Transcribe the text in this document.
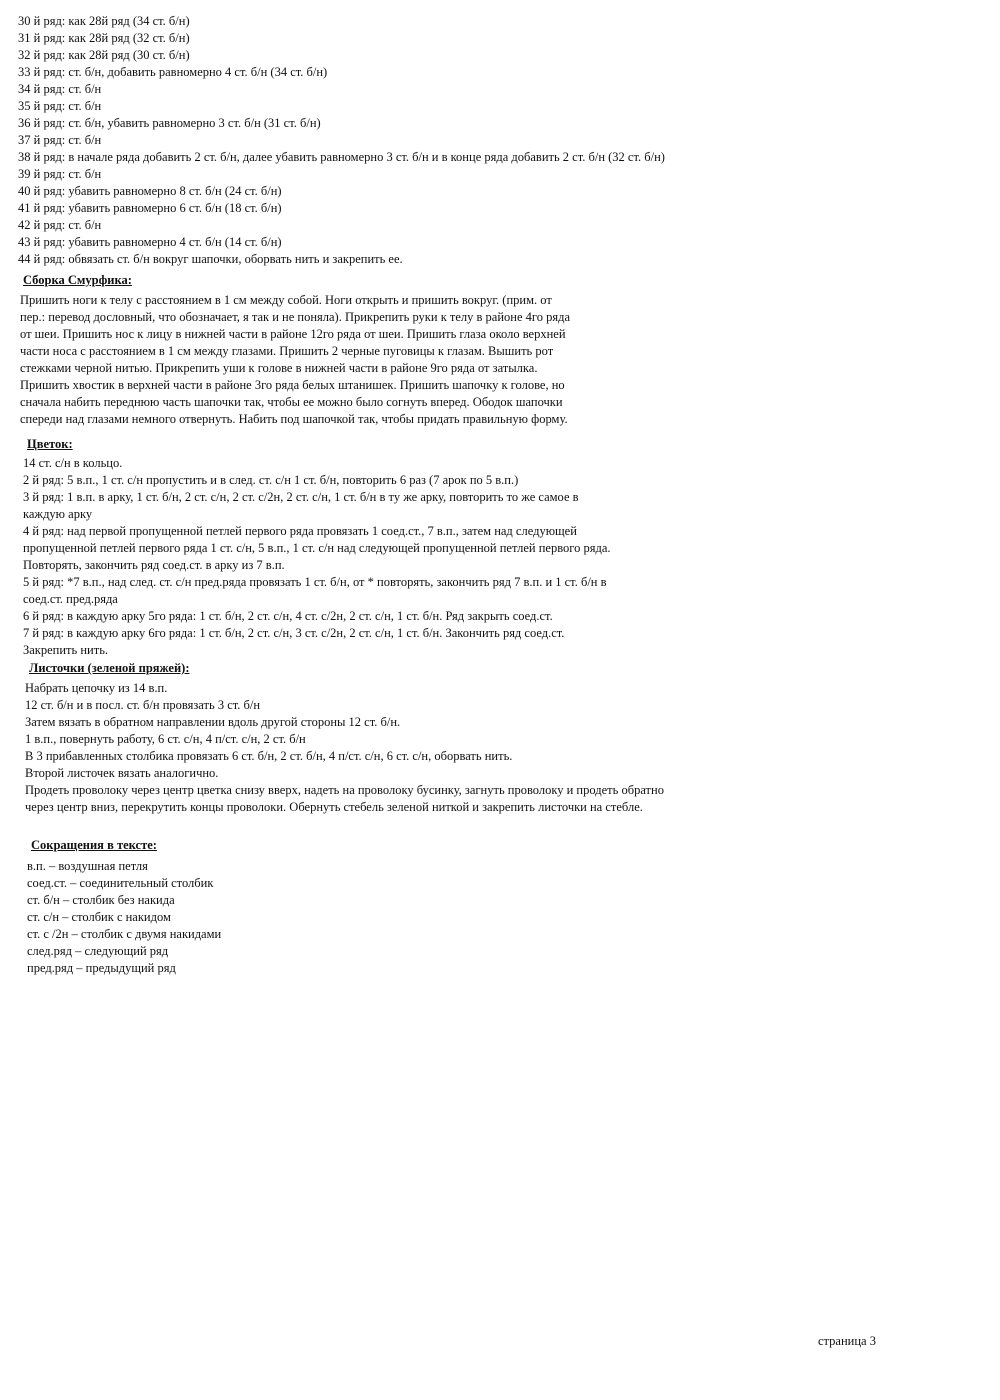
30 й ряд: как 28й ряд (34 ст. б/н)
31 й ряд: как 28й ряд (32 ст. б/н)
32 й ряд: как 28й ряд (30 ст. б/н)
33 й ряд: ст. б/н, добавить равномерно 4 ст. б/н (34 ст. б/н)
34 й ряд: ст. б/н
35 й ряд: ст. б/н
36 й ряд: ст. б/н, убавить равномерно 3 ст. б/н (31 ст. б/н)
37 й ряд: ст. б/н
38 й ряд: в начале ряда добавить 2 ст. б/н, далее убавить равномерно 3 ст. б/н и в конце ряда добавить 2 ст. б/н (32 ст. б/н)
39 й ряд: ст. б/н
40 й ряд: убавить равномерно 8 ст. б/н (24 ст. б/н)
41 й ряд: убавить равномерно 6 ст. б/н (18 ст. б/н)
42 й ряд: ст. б/н
43 й ряд: убавить равномерно 4 ст. б/н (14 ст. б/н)
44 й ряд: обвязать ст. б/н вокруг шапочки, оборвать нить и закрепить ее.
Сборка Смурфика:
Пришить ноги к телу с расстоянием в 1 см между собой. Ноги открыть и пришить вокруг. (прим. от
пер.: перевод дословный, что обозначает, я так и не поняла). Прикрепить руки к телу в районе 4го ряда
от шеи. Пришить нос к лицу в нижней части в районе 12го ряда от шеи. Пришить глаза около верхней
части носа с расстоянием в 1 см между глазами. Пришить 2 черные пуговицы к глазам. Вышить рот
стежками черной нитью. Прикрепить уши к голове в нижней части в районе 9го ряда от затылка.
Пришить хвостик в верхней части в районе 3го ряда белых штанишек. Пришить шапочку к голове, но
сначала набить переднюю часть шапочки так, чтобы ее можно было согнуть вперед. Ободок шапочки
спереди над глазами немного отвернуть. Набить под шапочкой так, чтобы придать правильную форму.
Цветок:
14 ст. с/н в кольцо.
2 й ряд: 5 в.п., 1 ст. с/н пропустить и в след. ст. с/н 1 ст. б/н, повторить 6 раз (7 арок по 5 в.п.)
3 й ряд: 1 в.п. в арку, 1 ст. б/н, 2 ст. с/н, 2 ст. с/2н, 2 ст. с/н, 1 ст. б/н в ту же арку, повторить то же самое в
каждую арку
4 й ряд: над первой пропущенной петлей первого ряда провязать 1 соед.ст., 7 в.п., затем над следующей
пропущенной петлей первого ряда 1 ст. с/н, 5 в.п., 1 ст. с/н над следующей пропущенной петлей первого ряда.
Повторять, закончить ряд соед.ст. в арку из 7 в.п.
5 й ряд: *7 в.п., над след. ст. с/н пред.ряда провязать 1 ст. б/н, от * повторять, закончить ряд 7 в.п. и 1 ст. б/н в
соед.ст. пред.ряда
6 й ряд: в каждую арку 5го ряда: 1 ст. б/н, 2 ст. с/н, 4 ст. с/2н, 2 ст. с/н, 1 ст. б/н. Ряд закрыть соед.ст.
7 й ряд: в каждую арку 6го ряда: 1 ст. б/н, 2 ст. с/н, 3 ст. с/2н, 2 ст. с/н, 1 ст. б/н. Закончить ряд соед.ст.
Закрепить нить.
Листочки (зеленой пряжей):
Набрать цепочку из 14 в.п.
12 ст. б/н и в посл. ст. б/н провязать 3 ст. б/н
Затем вязать в обратном направлении вдоль другой стороны 12 ст. б/н.
1 в.п., повернуть работу, 6 ст. с/н, 4 п/ст. с/н, 2 ст. б/н
В 3 прибавленных столбика провязать 6 ст. б/н, 2 ст. б/н, 4 п/ст. с/н, 6 ст. с/н, оборвать нить.
Второй листочек вязать аналогично.
Продеть проволоку через центр цветка снизу вверх, надеть на проволоку бусинку, загнуть проволоку и продеть обратно
через центр вниз, перекрутить концы проволоки. Обернуть стебель зеленой ниткой и закрепить листочки на стебле.
Сокращения в тексте:
в.п. – воздушная петля
соед.ст. – соединительный столбик
ст. б/н – столбик без накида
ст. с/н – столбик с накидом
ст. с /2н – столбик с двумя накидами
след.ряд – следующий ряд
пред.ряд – предыдущий ряд
страница 3
